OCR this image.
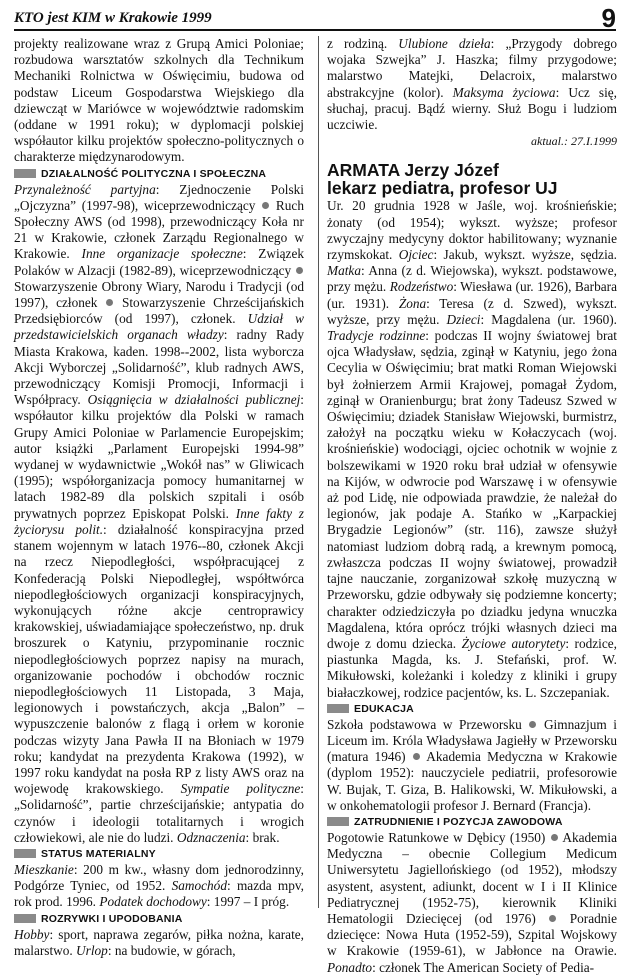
KTO jest KIM w Krakowie 1999	9

projekty realizowane wraz z Grupą Amici Poloniae; rozbudowa warsztatów szkolnych dla Technikum Mechaniki Rolnictwa w Oświęcimiu, budowa od podstaw Liceum Gospodarstwa Wiejskiego dla dziewcząt w Mariówce w województwie radomskim (oddane w 1991 roku); w dyplomacji polskiej współautor kilku projektów społeczno-politycznych o charakterze międzynarodowym.

DZIAŁALNOŚĆ POLITYCZNA I SPOŁECZNA

Przynależność partyjna: Zjednoczenie Polski „Ojczyzna” (1997-98), wiceprzewodniczący  Ruch Społeczny AWS (od 1998), przewodniczący Koła nr 21 w Krakowie, członek Zarządu Regionalnego w Krakowie. Inne organizacje społeczne: Związek Polaków w Alzacji (1982-89), wiceprzewodniczący  Stowarzyszenie Obrony Wiary, Narodu i Tradycji (od 1997), członek  Stowarzyszenie Chrześcijańskich Przedsiębiorców (od 1997), członek. Udział w przedstawicielskich organach władzy: radny Rady Miasta Krakowa, kaden. 1998--2002, lista wyborcza Akcji Wyborczej „Solidarność”, klub radnych AWS, przewodniczący Komisji Promocji, Informacji i Współpracy. Osiągnięcia w działalności publicznej: współautor kilku projektów dla Polski w ramach Grupy Amici Poloniae w Parlamencie Europejskim; autor książki „Parlament Europejski 1994-98” wydanej w wydawnictwie „Wokół nas” w Gliwicach (1995); współorganizacja pomocy humanitarnej w latach 1982-89 dla polskich szpitali i osób prywatnych poprzez Episkopat Polski. Inne fakty z życiorysu polit.: działalność konspiracyjna przed stanem wojennym w latach 1976--80, członek Akcji na rzecz Niepodległości, współpracującej z Konfederacją Polski Niepodległej, współtwórca niepodległościowych organizacji konspiracyjnych, wykonujących różne akcje centroprawicy krakowskiej, uświadamiające społeczeństwo, np. druk broszurek o Katyniu, przypominanie rocznic niepodległościowych poprzez napisy na murach, organizowanie pochodów i obchodów rocznic niepodległościowych 11 Listopada, 3 Maja, legionowych i powstańczych, akcja „Balon” – wypuszczenie balonów z flagą i orłem w koronie podczas wizyty Jana Pawła II na Błoniach w 1979 roku; kandydat na prezydenta Krakowa (1992), w 1997 roku kandydat na posła RP z listy AWS oraz na wojewodę krakowskiego. Sympatie polityczne: „Solidarność”, partie chrześcijańskie; antypatia do czynów i ideologii totalitarnych i wrogich człowiekowi, ale nie do ludzi. Odznaczenia: brak.

STATUS MATERIALNY

Mieszkanie: 200 m kw., własny dom jednorodzinny, Podgórze Tyniec, od 1952. Samochód: mazda mpv, rok prod. 1996. Podatek dochodowy: 1997 – I próg.

ROZRYWKI I UPODOBANIA

Hobby: sport, naprawa zegarów, piłka nożna, karate, malarstwo. Urlop: na budowie, w górach,

z rodziną. Ulubione dzieła: „Przygody dobrego wojaka Szwejka” J. Haszka; filmy przygodowe; malarstwo Matejki, Delacroix, malarstwo abstrakcyjne (kolor). Maksyma życiowa: Ucz się, słuchaj, pracuj. Bądź wierny. Służ Bogu i ludziom uczciwie.

aktual.: 27.I.1999
ARMATA Jerzy Józef
lekarz pediatra, profesor UJ

Ur. 20 grudnia 1928 w Jaśle, woj. krośnieńskie; żonaty (od 1954); wykszt. wyższe; profesor zwyczajny medycyny doktor habilitowany; wyznanie rzymskokat. Ojciec: Jakub, wykszt. wyższe, sędzia. Matka: Anna (z d. Wiejowska), wykszt. podstawowe, przy mężu. Rodzeństwo: Wiesława (ur. 1926), Barbara (ur. 1931). Żona: Teresa (z d. Szwed), wykszt. wyższe, przy mężu. Dzieci: Magdalena (ur. 1960). Tradycje rodzinne: podczas II wojny światowej brat ojca Władysław, sędzia, zginął w Katyniu, jego żona Cecylia w Oświęcimiu; brat matki Roman Wiejowski był żołnierzem Armii Krajowej, pomagał Żydom, zginął w Oranienburgu; brat żony Tadeusz Szwed w Oświęcimiu; dziadek Stanisław Wiejowski, burmistrz, założył na początku wieku w Kołaczycach (woj. krośnieńskie) wodociągi, ojciec ochotnik w wojnie z bolszewikami w 1920 roku brał udział w ofensywie na Kijów, w odwrocie pod Warszawę i w ofensywie aż pod Lidę, nie odpowiada prawdzie, że należał do legionów, jak podaje A. Stańko w „Karpackiej Brygadzie Legionów” (str. 116), zawsze służył natomiast ludziom dobrą radą, a krewnym pomocą, zwłaszcza podczas II wojny światowej, prowadził tajne nauczanie, zorganizował szkołę muzyczną w Przeworsku, gdzie odbywały się podziemne koncerty; charakter odziedziczyła po dziadku jedyna wnuczka Magdalena, która oprócz trójki własnych dzieci ma dwoje z domu dziecka. Życiowe autorytety: rodzice, piastunka Magda, ks. J. Stefański, prof. W. Mikułowski, koleżanki i koledzy z kliniki i grupy białaczkowej, rodzice pacjentów, ks. L. Szczepaniak.

EDUKACJA

Szkoła podstawowa w Przeworsku  Gimnazjum i Liceum im. Króla Władysława Jagiełły w Przeworsku (matura 1946)  Akademia Medyczna w Krakowie (dyplom 1952): nauczyciele pediatrii, profesorowie W. Bujak, T. Giza, B. Halikowski, W. Mikułowski, a w onkohematologii profesor J. Bernard (Francja).

ZATRUDNIENIE I POZYCJA ZAWODOWA

Pogotowie Ratunkowe w Dębicy (1950)  Akademia Medyczna – obecnie Collegium Medicum Uniwersytetu Jagiellońskiego (od 1952), młodszy asystent, asystent, adiunkt, docent w I i II Klinice Pediatrycznej (1952-75), kierownik Kliniki Hematologii Dziecięcej (od 1976)  Poradnie dziecięce: Nowa Huta (1952-59), Szpital Wojskowy w Krakowie (1959-61), w Jabłonce na Orawie. Ponadto: członek The American Society of Pedia-
